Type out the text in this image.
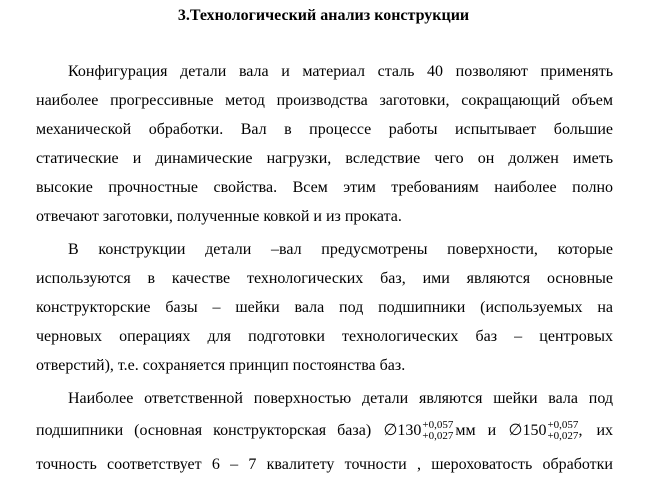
3.Технологический анализ конструкции
Конфигурация детали вала и материал сталь 40 позволяют применять
наиболее прогрессивные метод производства заготовки, сокращающий объем
механической обработки. Вал в процессе работы испытывает большие
статические и динамические нагрузки, вследствие чего он должен иметь
высокие прочностные свойства. Всем этим требованиям наиболее полно
отвечают заготовки, полученные ковкой и из проката.
В конструкции детали –вал предусмотрены поверхности, которые
используются в качестве технологических баз, ими являются основные
конструкторские базы – шейки вала под подшипники (используемых на
черновых операциях для подготовки технологических баз – центровых
отверстий), т.е. сохраняется принцип постоянства баз.
Наиболее ответственной поверхностью детали являются шейки вала под
подшипники (основная конструкторская база) ∅ 130 +0,057
+0,027 мм и ∅ 150 +0,057
+0,027 , их
точность соответствует 6 – 7 квалитету точности , шероховатость обработки
